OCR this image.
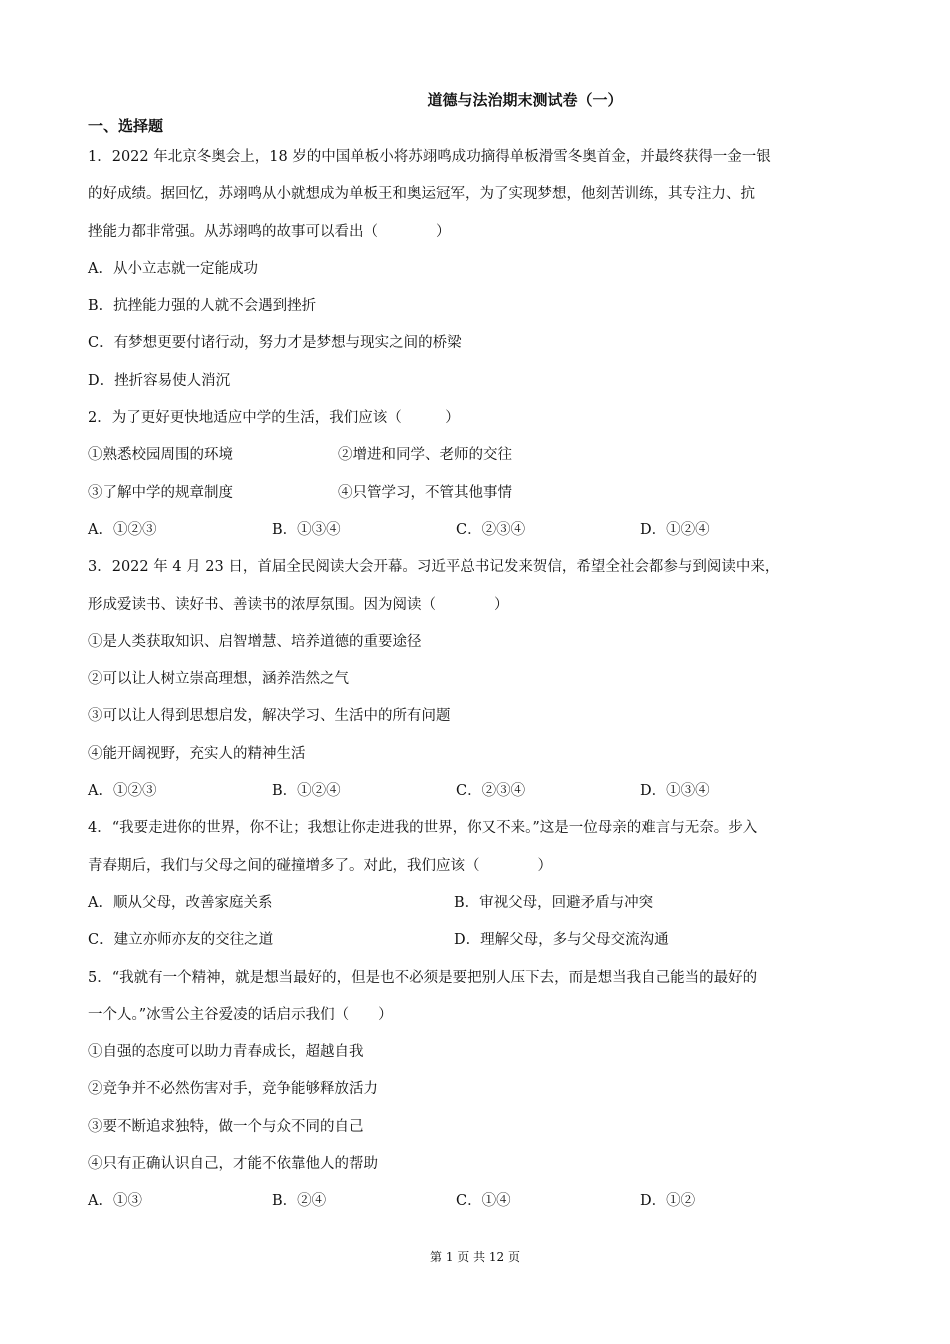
道德与法治期末测试卷（一）
一、选择题
1．2022 年北京冬奥会上，18 岁的中国单板小将苏翊鸣成功摘得单板滑雪冬奥首金，并最终获得一金一银
的好成绩。据回忆，苏翊鸣从小就想成为单板王和奥运冠军，为了实现梦想，他刻苦训练，其专注力、抗
挫能力都非常强。从苏翊鸣的故事可以看出（　　　　）
A．从小立志就一定能成功
B．抗挫能力强的人就不会遇到挫折
C．有梦想更要付诸行动，努力才是梦想与现实之间的桥梁
D．挫折容易使人消沉
2．为了更好更快地适应中学的生活，我们应该（　　　）
①熟悉校园周围的环境	②增进和同学、老师的交往
③了解中学的规章制度	④只管学习，不管其他事情
A．①②③	B．①③④	C．②③④	D．①②④
3．2022 年 4 月 23 日，首届全民阅读大会开幕。习近平总书记发来贺信，希望全社会都参与到阅读中来，
形成爱读书、读好书、善读书的浓厚氛围。因为阅读（　　　　）
①是人类获取知识、启智增慧、培养道德的重要途径
②可以让人树立崇高理想，涵养浩然之气
③可以让人得到思想启发，解决学习、生活中的所有问题
④能开阔视野，充实人的精神生活
A．①②③	B．①②④	C．②③④	D．①③④
4．“我要走进你的世界，你不让；我想让你走进我的世界，你又不来。”这是一位母亲的难言与无奈。步入
青春期后，我们与父母之间的碰撞增多了。对此，我们应该（　　　　）
A．顺从父母，改善家庭关系	B．审视父母，回避矛盾与冲突
C．建立亦师亦友的交往之道	D．理解父母，多与父母交流沟通
5．“我就有一个精神，就是想当最好的，但是也不必须是要把别人压下去，而是想当我自己能当的最好的
一个人。”冰雪公主谷爱凌的话启示我们（　　）
①自强的态度可以助力青春成长，超越自我
②竞争并不必然伤害对手，竞争能够释放活力
③要不断追求独特，做一个与众不同的自己
④只有正确认识自己，才能不依靠他人的帮助
A．①③	B．②④	C．①④	D．①②
第 1 页 共 12 页
